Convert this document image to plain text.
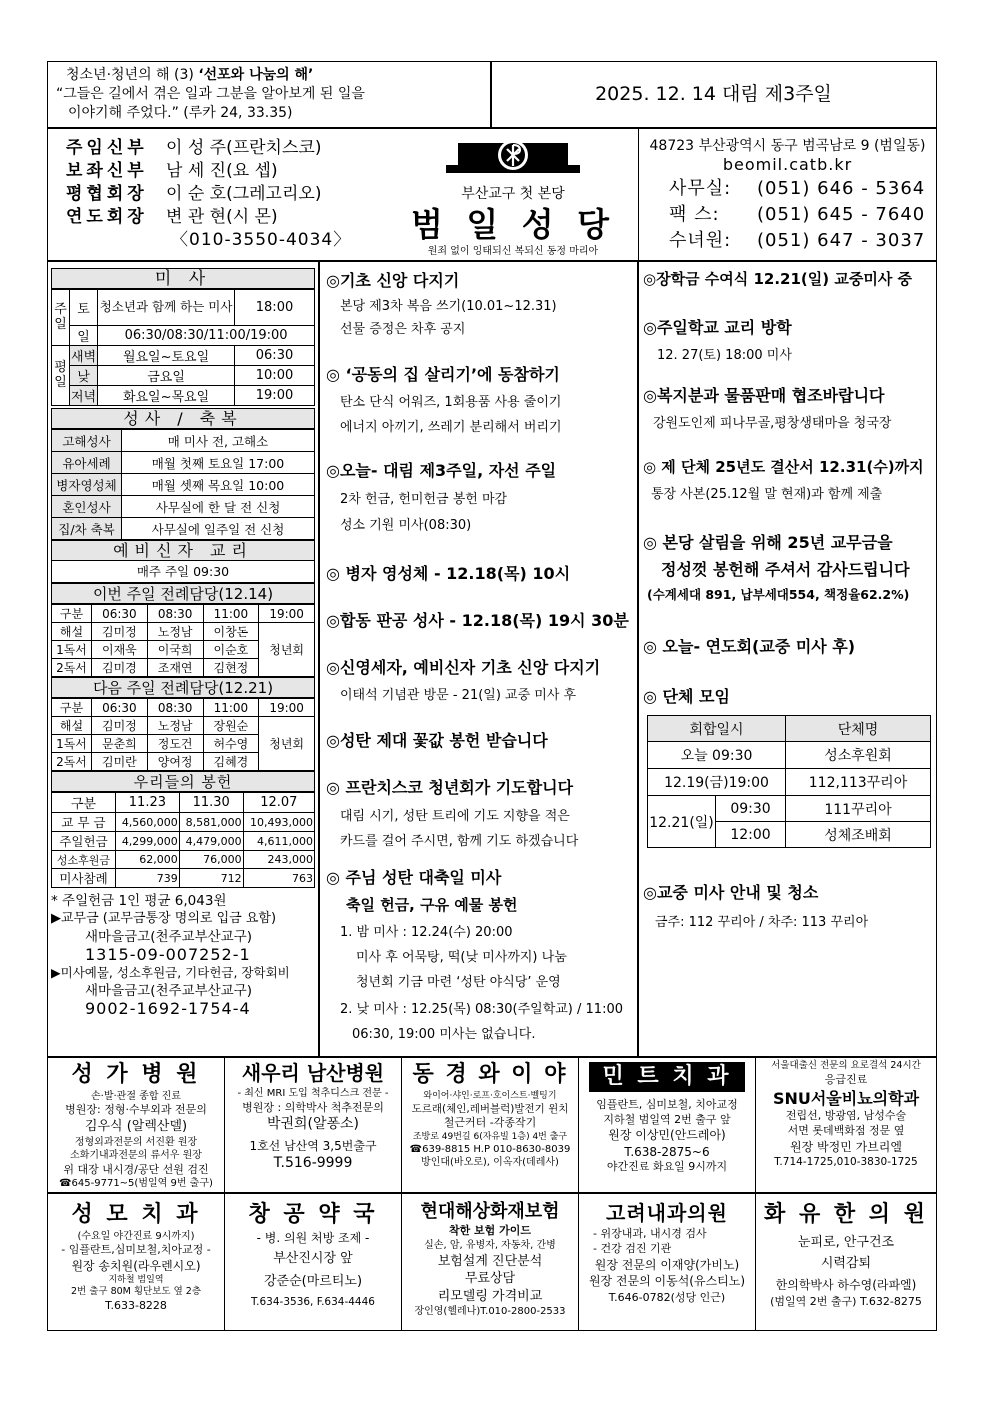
청소년·청년의 해 (3) ‘선포와 나눔의 해’
“그들은 길에서 겪은 일과 그분을 알아보게 된 일을
이야기해 주었다.” (루카 24, 33.35)
2025. 12. 14 대림 제3주일
주임신부 이 성 주(프란치스코)
보좌신부 남 세 진(요 셉)
평협회장 이 순 호(그레고리오)
연도회장 변 관 현(시 몬)
〈010-3550-4034〉
부산교구 첫 본당
범 일 성 당
원죄 없이 잉태되신 복되신 동정 마리아
48723 부산광역시 동구 범곡남로 9 (범일동)
beomil.catb.kr
사무실: (051) 646 - 5364
팩 스: (051) 645 - 7640
수녀원: (051) 647 - 3037
미 사
주일	토	청소년과 함께 하는 미사	18:00
	일	06:30/08:30/11:00/19:00	
평일	새벽	월요일~토요일	06:30
	낮	금요일	10:00
	저녁	화요일~목요일	19:00
성사 / 축복
고해성사	매 미사 전, 고해소
유아세례	매월 첫째 토요일 17:00
병자영성체	매월 셋째 목요일 10:00
혼인성사	사무실에 한 달 전 신청
집/차 축복	사무실에 일주일 전 신청
예비신자 교리
매주 주일 09:30
이번 주일 전례담당(12.14)
구분	06:30	08:30	11:00	19:00
해설	김미정	노정남	이창돈	청년회
1독서	이재욱	이국희	이순호	
2독서	김미경	조재연	김현정	
다음 주일 전례담당(12.21)
구분	06:30	08:30	11:00	19:00
해설	김미정	노정남	장원순	청년회
1독서	문춘희	정도건	허수영	
2독서	김미란	양여정	김혜경	
우리들의 봉헌
구분	11.23	11.30	12.07
교 무 금	4,560,000	8,581,000	10,493,000
주일헌금	4,299,000	4,479,000	4,611,000
성소후원금	62,000	76,000	243,000
미사참례	739	712	763
* 주일헌금 1인 평균 6,043원
▶교무금 (교무금통장 명의로 입금 요함)
새마을금고(천주교부산교구)
1315-09-007252-1
▶미사예물, 성소후원금, 기타헌금, 장학회비
새마을금고(천주교부산교구)
9002-1692-1754-4
◎기초 신앙 다지기
본당 제3차 복음 쓰기(10.01~12.31)
선물 증정은 차후 공지
◎ ‘공동의 집 살리기’에 동참하기
탄소 단식 어워즈, 1회용품 사용 줄이기
에너지 아끼기, 쓰레기 분리해서 버리기
◎오늘- 대림 제3주일, 자선 주일
2차 헌금, 헌미헌금 봉헌 마감
성소 기원 미사(08:30)
◎ 병자 영성체 - 12.18(목) 10시
◎합동 판공 성사 - 12.18(목) 19시 30분
◎신영세자, 예비신자 기초 신앙 다지기
이태석 기념관 방문 - 21(일) 교중 미사 후
◎성탄 제대 꽃값 봉헌 받습니다
◎ 프란치스코 청년회가 기도합니다
대림 시기, 성탄 트리에 기도 지향을 적은
카드를 걸어 주시면, 함께 기도 하겠습니다
◎ 주님 성탄 대축일 미사
축일 헌금, 구유 예물 봉헌
1. 밤 미사 : 12.24(수) 20:00
미사 후 어묵탕, 떡(낮 미사까지) 나눔
청년회 기금 마련 ‘성탄 야식당’ 운영
2. 낮 미사 : 12.25(목) 08:30(주일학교) / 11:00
06:30, 19:00 미사는 없습니다.
◎장학금 수여식 12.21(일) 교중미사 중
◎주일학교 교리 방학
12. 27(토) 18:00 미사
◎복지분과 물품판매 협조바랍니다
강원도인제 피나무골,평창생태마을 청국장
◎ 제 단체 25년도 결산서 12.31(수)까지
통장 사본(25.12월 말 현재)과 함께 제출
◎ 본당 살림을 위해 25년 교무금을
정성껏 봉헌해 주셔서 감사드립니다
(수계세대 891, 납부세대554, 책정율62.2%)
◎ 오늘- 연도회(교중 미사 후)
◎ 단체 모임
회합일시		단체명
오늘 09:30		성소후원회
12.19(금)19:00		112,113꾸리아
12.21(일)	09:30	111꾸리아
	12:00	성체조배회
◎교중 미사 안내 및 청소
금주: 112 꾸리아 / 차주: 113 꾸리아
성 가 병 원
손·발·관절 종합 진료
병원장: 정형·수부외과 전문의
김우식 (알렉산델)
정형외과전문의 서진환 원장
소화기내과전문의 류서우 원장
위 대장 내시경/공단 선원 검진
☎645-9771~5(범일역 9번 출구)
새우리 남산병원
- 최신 MRI 도입 척추디스크 전문 -
병원장 : 의학박사 척추전문의
박권희(알퐁소)
1호선 남산역 3,5번출구
T.516-9999
동 경 와 이 야
와이어·샤인·로프·호이스트·벨팅기
도르래(체인,레버블럭)발전기 윈치
철근커터 -각종작기
조방로 49번길 6(자유빌 1층) 4번 출구
☎639-8815 H.P 010-8630-8039
방인대(바오로), 이옥자(데레사)
민 트 치 과
임플란트, 심미보철, 치아교정
지하철 범일역 2번 출구 앞
원장 이상민(안드레아)
T.638-2875~6
야간진료 화요일 9시까지
서울대출신 전문의 요로결석 24시간
응급진료
SNU서울비뇨의학과
전립선, 방광염, 남성수술
서면 롯데백화점 정문 옆
원장 박정민 가브리엘
T.714-1725,010-3830-1725
성 모 치 과
(수요일 야간진료 9시까지)
- 임플란트,심미보철,치아교정 -
원장 송치원(라우렌시오)
지하철 범일역
2번 출구 80M 횡단보도 옆 2층
T.633-8228
창 공 약 국
- 병. 의원 처방 조제 -
부산진시장 앞
강준순(마르티노)
T.634-3536, F.634-4446
현대해상화재보험
착한 보험 가이드
실손, 암, 유병자, 자동차, 간병
보험설계 진단분석
무료상담
리모델링 가격비교
장인영(헬레나)T.010-2800-2533
고려내과의원
- 위장내과, 내시경 검사
- 건강 검진 기관
원장 전문의 이재양(가비노)
원장 전문의 이동석(유스티노)
T.646-0782(성당 인근)
화 유 한 의 원
눈피로, 안구건조
시력감퇴
한의학박사 하수영(라파엘)
(범일역 2번 출구) T.632-8275
